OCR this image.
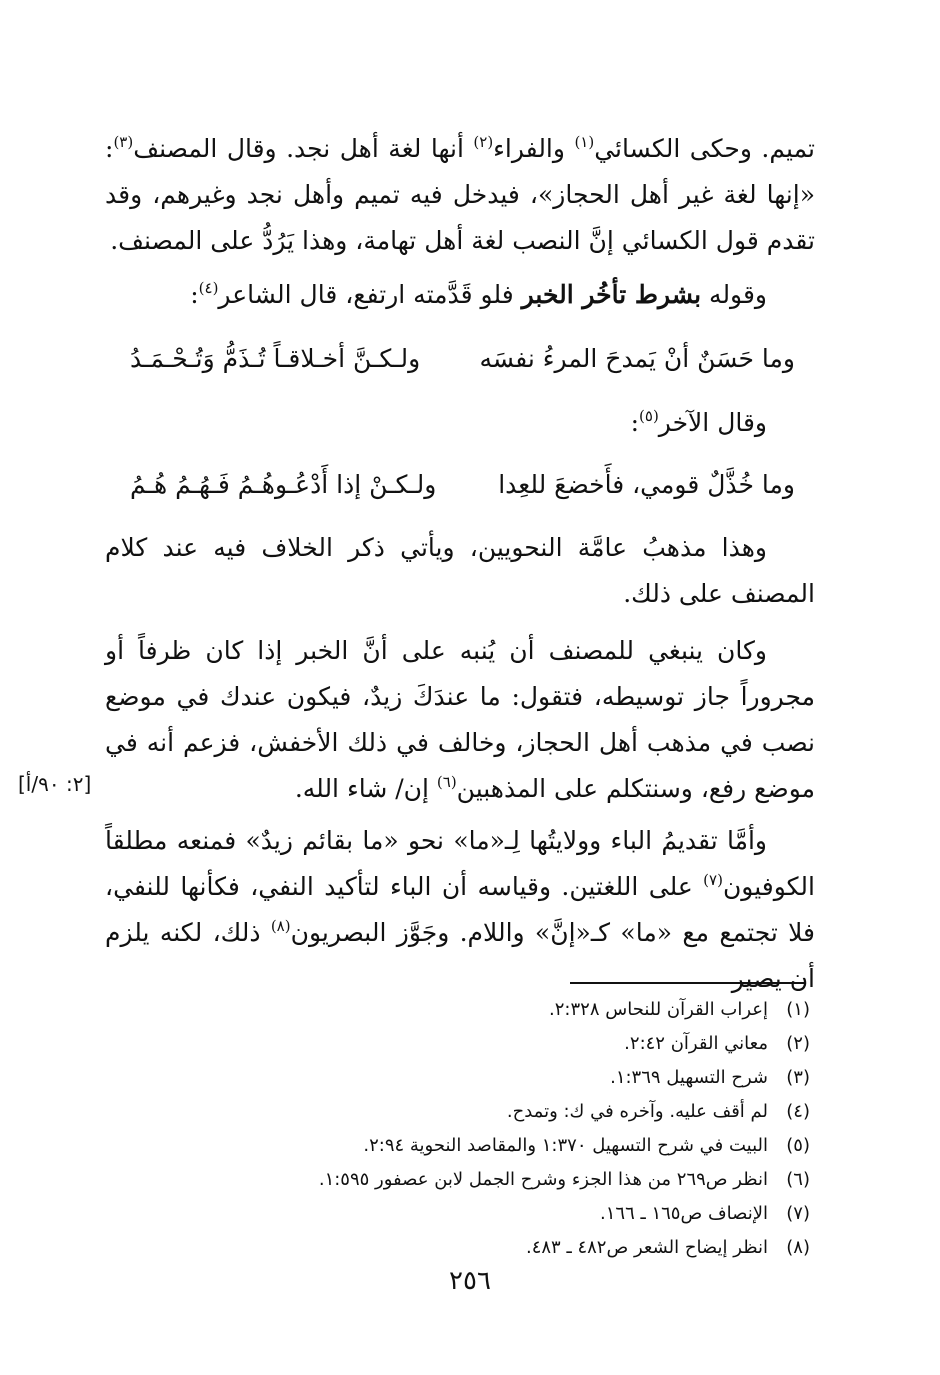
تميم. وحكى الكسائي$^{(١)}$ والفراء$^{(٢)}$ أنها لغة أهل نجد. وقال المصنف$^{(٣)}$: «إنها لغة غير أهل الحجاز»، فيدخل فيه تميم وأهل نجد وغيرهم، وقد تقدم قول الكسائي إنَّ النصب لغة أهل تهامة، وهذا يَرُدُّ على المصنف.

وقوله بشرط تأخُر الخبر فلو قَدَّمته ارتفع، قال الشاعر$^{(٤)}$:

وما حَسَنٌ أنْ يَمدحَ المرءُ نفسَه
ولـكـنَّ أخـلاقـاً تُـذَمُّ وَتُـحْـمَـدُ

وقال الآخر$^{(٥)}$:

وما خُذَّلٌ قومي، فأَخضعَ للعِدا
ولـكـنْ إذا أَدْعُـوهُـمُ فَـهُـمُ هُـمُ

وهذا مذهبُ عامَّة النحويين، ويأتي ذكر الخلاف فيه عند كلام المصنف على ذلك.

وكان ينبغي للمصنف أن يُنبه على أنَّ الخبر إذا كان ظرفاً أو مجروراً جاز توسيطه، فتقول: ما عندَكَ زيدٌ، فيكون عندك في موضع نصب في مذهب أهل الحجاز، وخالف في ذلك الأخفش، فزعم أنه في موضع رفع، وسنتكلم على المذهبين$^{(٦)}$ إن/ شاء الله.

[٢: ٩٠/أ]

وأمَّا تقديمُ الباء وولايتُها لِـ«ما» نحو «ما بقائم زيدٌ» فمنعه مطلقاً الكوفيون$^{(٧)}$ على اللغتين. وقياسه أن الباء لتأكيد النفي، فكأنها للنفي، فلا تجتمع مع «ما» كـ«إنَّ» واللام. وجَوَّز البصريون$^{(٨)}$ ذلك، لكنه يلزم أن يصير

(١)إعراب القرآن للنحاس ٢:٣٢٨.
(٢)معاني القرآن ٢:٤٢.
(٣)شرح التسهيل ١:٣٦٩.
(٤)لم أقف عليه. وآخره في ك: وتمدح.
(٥)البيت في شرح التسهيل ١:٣٧٠ والمقاصد النحوية ٢:٩٤.
(٦)انظر ص٢٦٩ من هذا الجزء وشرح الجمل لابن عصفور ١:٥٩٥.
(٧)الإنصاف ص١٦٥ ـ ١٦٦.
(٨)انظر إيضاح الشعر ص٤٨٢ ـ ٤٨٣.
٢٥٦
